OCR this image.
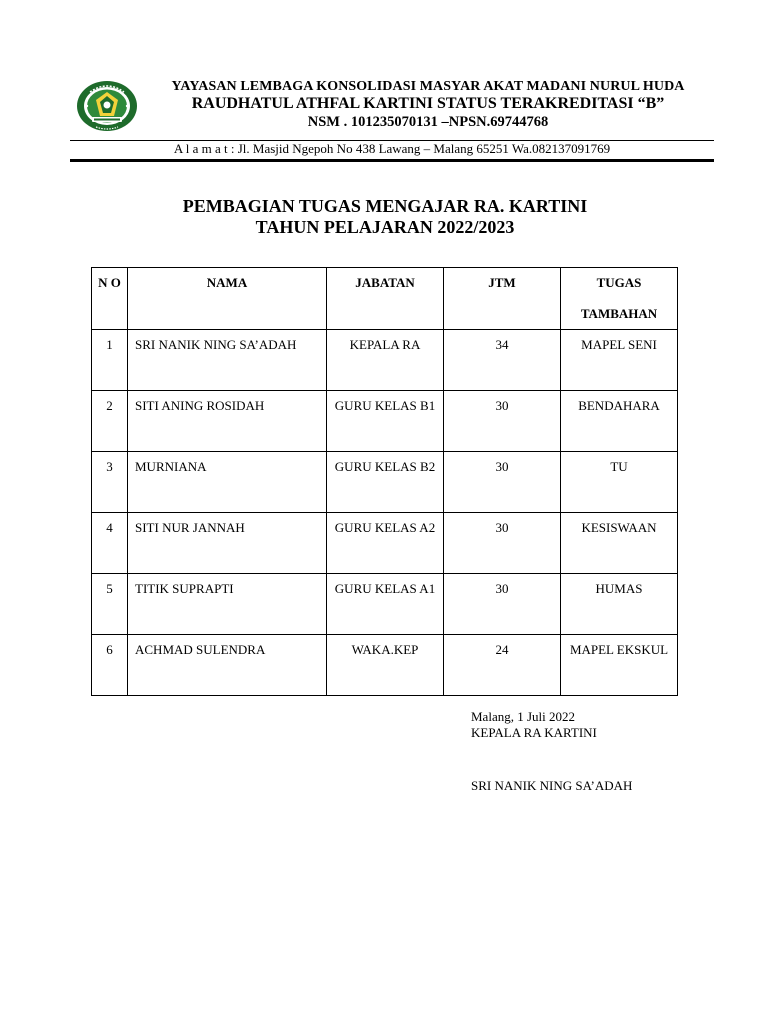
YAYASAN LEMBAGA KONSOLIDASI MASYAR AKAT MADANI NURUL HUDA
RAUDHATUL ATHFAL KARTINI STATUS TERAKREDITASI “B”
NSM . 101235070131 –NPSN.69744768
A l a m a t : Jl. Masjid Ngepoh No 438 Lawang – Malang 65251 Wa.082137091769
PEMBAGIAN TUGAS MENGAJAR RA. KARTINI
TAHUN PELAJARAN 2022/2023
N O	NAMA	JABATAN	JTM	TUGAS TAMBAHAN
1	SRI NANIK NING SA’ADAH	KEPALA RA	34	MAPEL SENI
2	SITI ANING ROSIDAH	GURU KELAS B1	30	BENDAHARA
3	MURNIANA	GURU KELAS B2	30	TU
4	SITI NUR JANNAH	GURU KELAS A2	30	KESISWAAN
5	TITIK SUPRAPTI	GURU KELAS A1	30	HUMAS
6	ACHMAD SULENDRA	WAKA.KEP	24	MAPEL EKSKUL
Malang, 1 Juli 2022
KEPALA RA KARTINI
SRI NANIK NING SA’ADAH
